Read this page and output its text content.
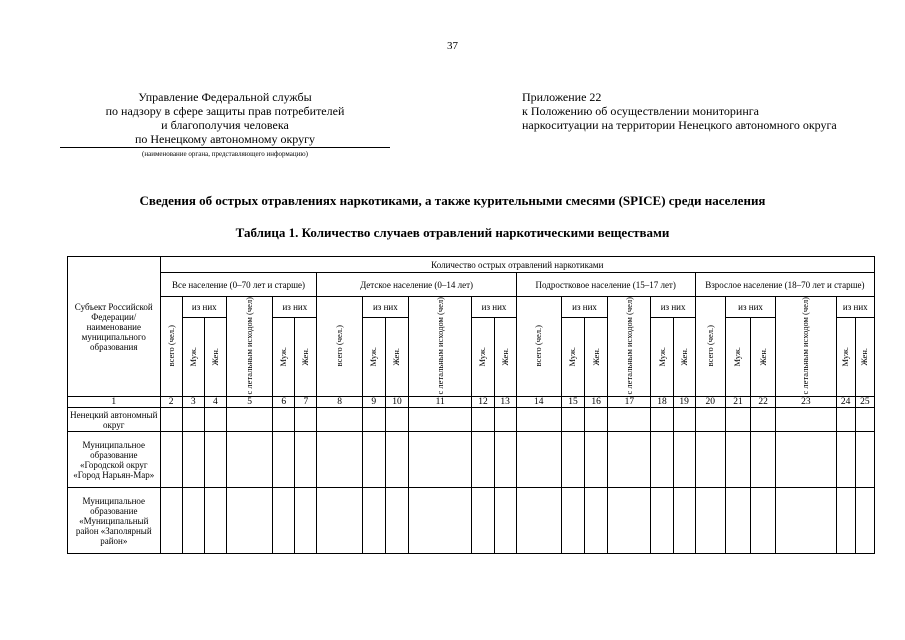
37
Управление Федеральной службы
по надзору в сфере защиты прав потребителей
и благополучия человека
по Ненецкому автономному округу
(наименование органа, представляющего информацию)
Приложение 22
к Положению об осуществлении мониторинга
наркоситуации на территории Ненецкого автономного округа
Сведения об острых отравлениях наркотиками, а также курительными смесями (SPICE) среди населения
Таблица 1. Количество случаев отравлений наркотическими веществами
Субъект Российской Федерации/ наименование муниципального образования	Количество острых отравлений наркотиками																							
	Все население (0–70 лет и старше)						Детское население (0–14 лет)						Подростковое население (15–17 лет)						Взрослое население (18–70 лет и старше)					
	всего (чел.)	из них		с летальным исходом (чел)	из них		всего (чел.)	из них		с летальным исходом (чел)	из них		всего (чел.)	из них		с летальным исходом (чел)	из них		всего (чел.)	из них		с летальным исходом (чел)	из них	
		Муж.	Жен.		Муж.	Жен.		Муж.	Жен.		Муж.	Жен.		Муж.	Жен.		Муж.	Жен.		Муж.	Жен.		Муж.	Жен.
1	2	3	4	5	6	7	8	9	10	11	12	13	14	15	16	17	18	19	20	21	22	23	24	25
Ненецкий автономный округ																								
Муниципальное образование «Городской округ «Город Нарьян-Мар»																								
Муниципальное образование «Муниципальный район «Заполярный район»																								
